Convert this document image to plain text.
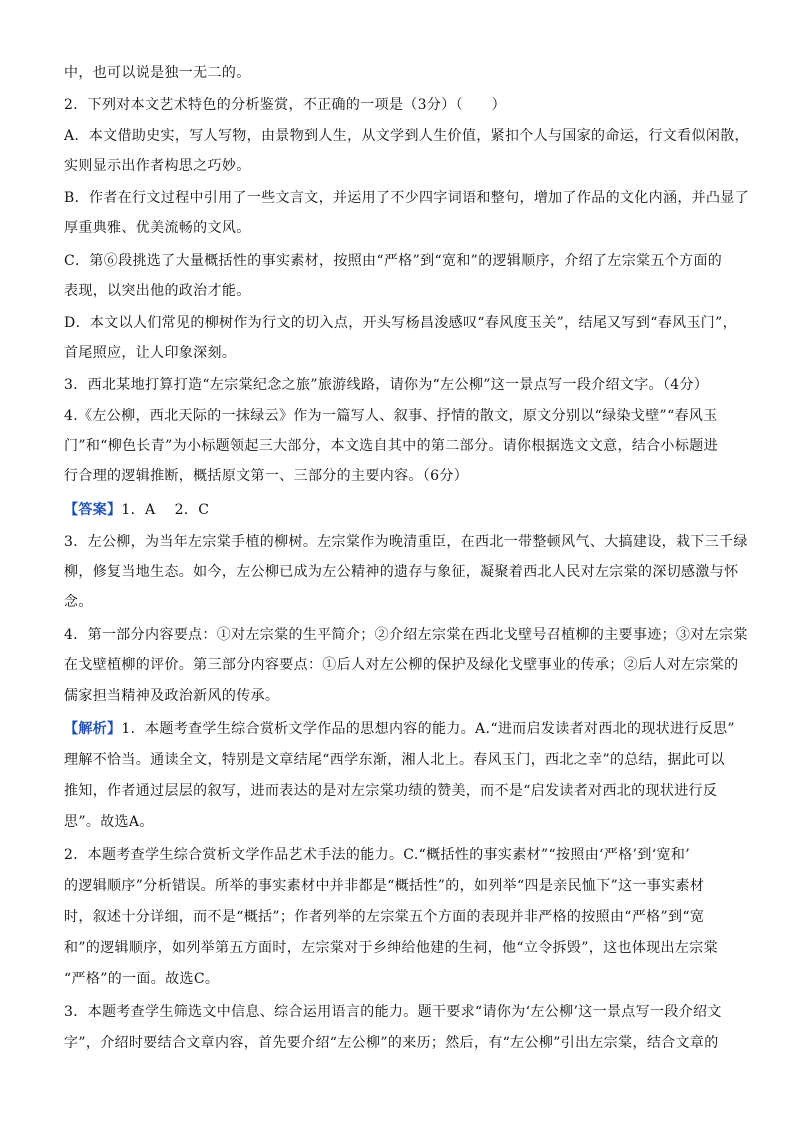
中，也可以说是独一无二的。
2．下列对本文艺术特色的分析鉴赏，不正确的一项是（3分）（　　）
A．本文借助史实，写人写物，由景物到人生，从文学到人生价值，紧扣个人与国家的命运，行文看似闲散，
实则显示出作者构思之巧妙。
B．作者在行文过程中引用了一些文言文，并运用了不少四字词语和整句，增加了作品的文化内涵，并凸显了
厚重典雅、优美流畅的文风。
C．第⑥段挑选了大量概括性的事实素材，按照由“严格”到“宽和”的逻辑顺序，介绍了左宗棠五个方面的
表现，以突出他的政治才能。
D．本文以人们常见的柳树作为行文的切入点，开头写杨昌浚感叹“春风度玉关”，结尾又写到“春风玉门”，
首尾照应，让人印象深刻。
3．西北某地打算打造“左宗棠纪念之旅”旅游线路，请你为“左公柳”这一景点写一段介绍文字。（4分）
4.《左公柳，西北天际的一抹绿云》作为一篇写人、叙事、抒情的散文，原文分别以“绿染戈壁”“春风玉
门”和“柳色长青”为小标题领起三大部分，本文选自其中的第二部分。请你根据选文文意，结合小标题进
行合理的逻辑推断，概括原文第一、三部分的主要内容。（6分）
【答案】1．A　 2．C
3．左公柳，为当年左宗棠手植的柳树。左宗棠作为晚清重臣，在西北一带整顿风气、大搞建设，栽下三千绿
柳，修复当地生态。如今，左公柳已成为左公精神的遗存与象征，凝聚着西北人民对左宗棠的深切感激与怀
念。
4．第一部分内容要点：①对左宗棠的生平简介；②介绍左宗棠在西北戈壁号召植柳的主要事迹；③对左宗棠
在戈壁植柳的评价。第三部分内容要点：①后人对左公柳的保护及绿化戈壁事业的传承；②后人对左宗棠的
儒家担当精神及政治新风的传承。
【解析】1．本题考查学生综合赏析文学作品的思想内容的能力。A.“进而启发读者对西北的现状进行反思”
理解不恰当。通读全文，特别是文章结尾“西学东渐，湘人北上。春风玉门，西北之幸”的总结，据此可以
推知，作者通过层层的叙写，进而表达的是对左宗棠功绩的赞美，而不是“启发读者对西北的现状进行反
思”。故选A。
2．本题考查学生综合赏析文学作品艺术手法的能力。C.“概括性的事实素材”“按照由‘严格’到‘宽和’
的逻辑顺序”分析错误。所举的事实素材中并非都是“概括性”的，如列举“四是亲民恤下”这一事实素材
时，叙述十分详细，而不是“概括”；作者列举的左宗棠五个方面的表现并非严格的按照由“严格”到“宽
和”的逻辑顺序，如列举第五方面时，左宗棠对于乡绅给他建的生祠，他“立令拆毁”，这也体现出左宗棠
“严格”的一面。故选C。
3．本题考查学生筛选文中信息、综合运用语言的能力。题干要求“请你为‘左公柳’这一景点写一段介绍文
字”，介绍时要结合文章内容，首先要介绍“左公柳”的来历；然后，有“左公柳”引出左宗棠，结合文章的
